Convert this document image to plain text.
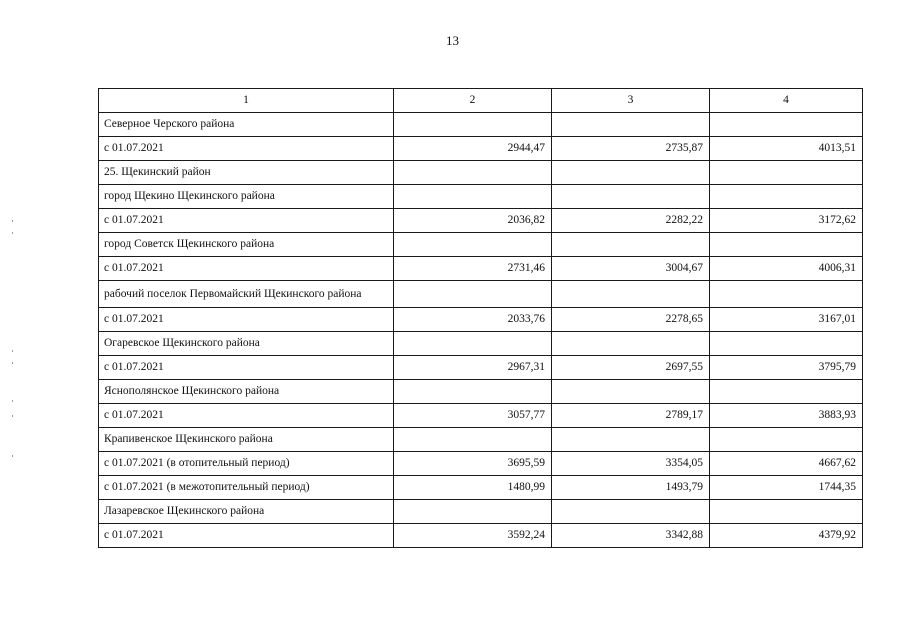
13
1	2	3	4
Северное Черского района			
с 01.07.2021	2944,47	2735,87	4013,51
25. Щекинский район			
город Щекино Щекинского района			
с 01.07.2021	2036,82	2282,22	3172,62
город Советск Щекинского района			
с 01.07.2021	2731,46	3004,67	4006,31
рабочий поселок Первомайский Щекинского района			
с 01.07.2021	2033,76	2278,65	3167,01
Огаревское Щекинского района			
с 01.07.2021	2967,31	2697,55	3795,79
Яснополянское Щекинского района			
с 01.07.2021	3057,77	2789,17	3883,93
Крапивенское Щекинского района			
с 01.07.2021 (в отопительный период)	3695,59	3354,05	4667,62
с 01.07.2021 (в межотопительный период)	1480,99	1493,79	1744,35
Лазаревское Щекинского района			
с 01.07.2021	3592,24	3342,88	4379,92
